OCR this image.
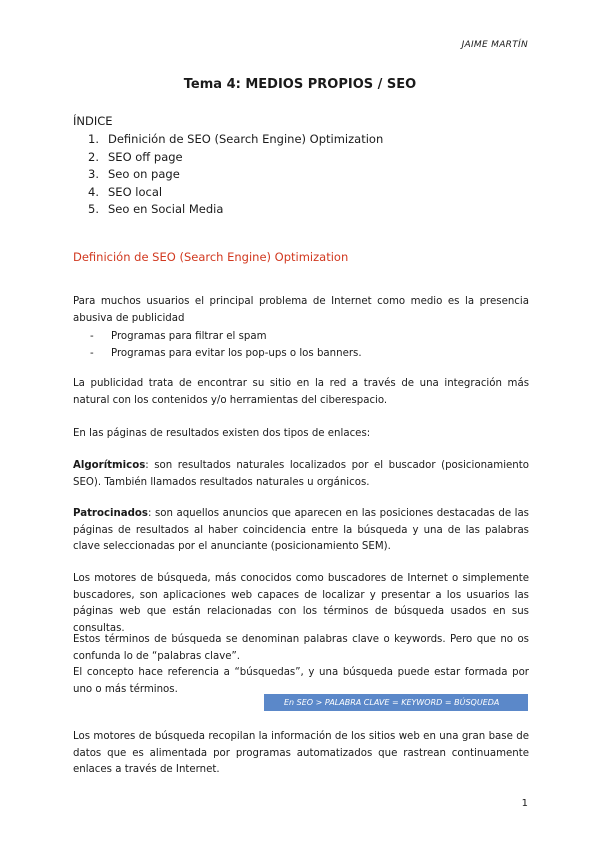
JAIME MARTÍN
Tema 4: MEDIOS PROPIOS / SEO
ÍNDICE
1. Definición de SEO (Search Engine) Optimization
2. SEO off page
3. Seo on page
4. SEO local
5. Seo en Social Media
Definición de SEO (Search Engine) Optimization

Para muchos usuarios el principal problema de Internet como medio es la presencia abusiva de publicidad

- Programas para filtrar el spam
- Programas para evitar los pop-ups o los banners.

La publicidad trata de encontrar su sitio en la red a través de una integración más natural con los contenidos y/o herramientas del ciberespacio.

En las páginas de resultados existen dos tipos de enlaces:

Algorítmicos: son resultados naturales localizados por el buscador (posicionamiento SEO). También llamados resultados naturales u orgánicos.

Patrocinados: son aquellos anuncios que aparecen en las posiciones destacadas de las páginas de resultados al haber coincidencia entre la búsqueda y una de las palabras clave seleccionadas por el anunciante (posicionamiento SEM).

Los motores de búsqueda, más conocidos como buscadores de Internet o simplemente buscadores, son aplicaciones web capaces de localizar y presentar a los usuarios las páginas web que están relacionadas con los términos de búsqueda usados en sus consultas.

Estos términos de búsqueda se denominan palabras clave o keywords. Pero que no os confunda lo de “palabras clave”.

El concepto hace referencia a “búsquedas”, y una búsqueda puede estar formada por uno o más términos.

En SEO > PALABRA CLAVE = KEYWORD = BÚSQUEDA

Los motores de búsqueda recopilan la información de los sitios web en una gran base de datos que es alimentada por programas automatizados que rastrean continuamente enlaces a través de Internet.

1
